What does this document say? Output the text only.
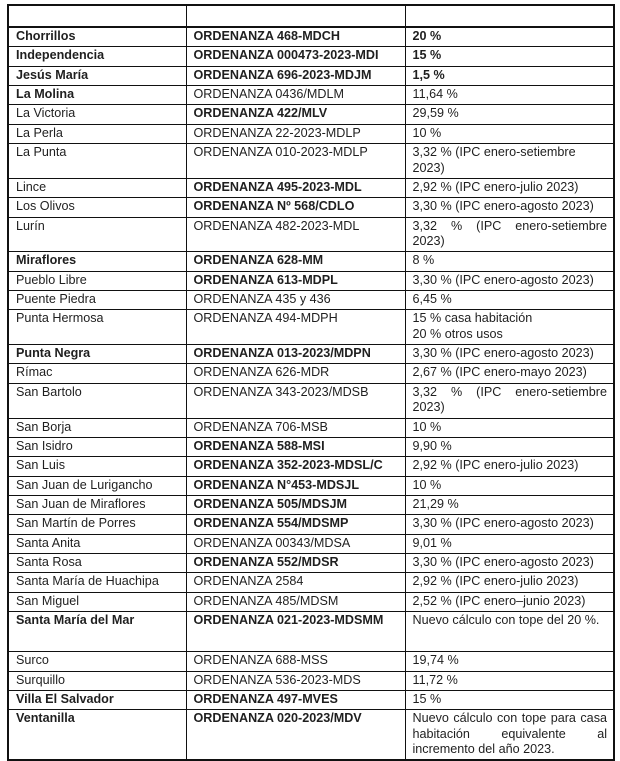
Chorrillos	ORDENANZA 468-MDCH	20 %
Independencia	ORDENANZA 000473-2023-MDI	15 %
Jesús María	ORDENANZA 696-2023-MDJM	1,5 %
La Molina	ORDENANZA 0436/MDLM	11,64 %
La Victoria	ORDENANZA 422/MLV	29,59 %
La Perla	ORDENANZA 22-2023-MDLP	10 %
La Punta	ORDENANZA 010-2023-MDLP	3,32 % (IPC enero-setiembre 2023)
Lince	ORDENANZA 495-2023-MDL	2,92 % (IPC enero-julio 2023)
Los Olivos	ORDENANZA Nº 568/CDLO	3,30 % (IPC enero-agosto 2023)
Lurín	ORDENANZA 482-2023-MDL	3,32 % (IPC enero-setiembre 2023)
Miraflores	ORDENANZA 628-MM	8 %
Pueblo Libre	ORDENANZA 613-MDPL	3,30 % (IPC enero-agosto 2023)
Puente Piedra	ORDENANZA 435 y 436	6,45 %
Punta Hermosa	ORDENANZA 494-MDPH	15 % casa habitación
20 % otros usos

Punta Negra	ORDENANZA 013-2023/MDPN	3,30 % (IPC enero-agosto 2023)
Rímac	ORDENANZA 626-MDR	2,67 % (IPC enero-mayo 2023)
San Bartolo	ORDENANZA 343-2023/MDSB	3,32 % (IPC enero-setiembre 2023)
San Borja	ORDENANZA 706-MSB	10 %
San Isidro	ORDENANZA 588-MSI	9,90 %
San Luis	ORDENANZA 352-2023-MDSL/C	2,92 % (IPC enero-julio 2023)
San Juan de Lurigancho	ORDENANZA N°453-MDSJL	10 %
San Juan de Miraflores	ORDENANZA 505/MDSJM	21,29 %
San Martín de Porres	ORDENANZA 554/MDSMP	3,30 % (IPC enero-agosto 2023)
Santa Anita	ORDENANZA 00343/MDSA	9,01 %
Santa Rosa	ORDENANZA 552/MDSR	3,30 % (IPC enero-agosto 2023)
Santa María de Huachipa	ORDENANZA 2584	2,92 % (IPC enero-julio 2023)
San Miguel	ORDENANZA 485/MDSM	2,52 % (IPC enero–junio 2023)
Santa María del Mar	ORDENANZA 021-2023-MDSMM	Nuevo cálculo con tope del 20 %.
Surco	ORDENANZA 688-MSS	19,74 %
Surquillo	ORDENANZA 536-2023-MDS	11,72 %
Villa El Salvador	ORDENANZA 497-MVES	15 %
Ventanilla	ORDENANZA 020-2023/MDV	Nuevo cálculo con tope para casa habitación equivalente al incremento del año 2023.
